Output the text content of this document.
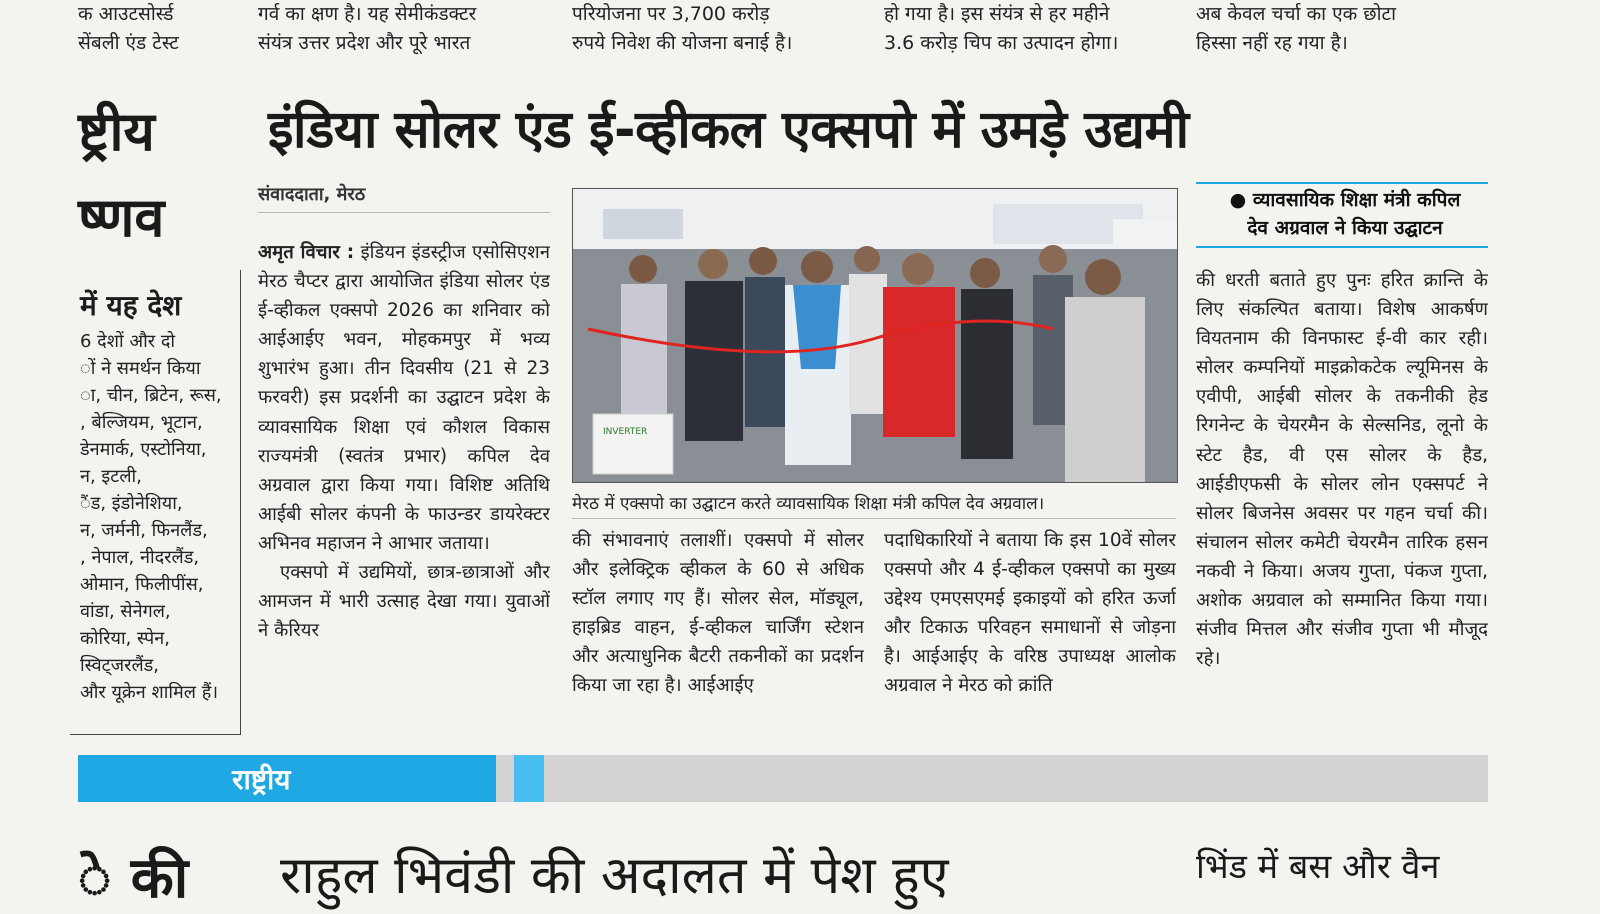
क आउटसोर्स्ड
सेंबली एंड टेस्ट
गर्व का क्षण है। यह सेमीकंडक्टर
संयंत्र उत्तर प्रदेश और पूरे भारत
परियोजना पर 3,700 करोड़
रुपये निवेश की योजना बनाई है।
हो गया है। इस संयंत्र से हर महीने
3.6 करोड़ चिप का उत्पादन होगा।
अब केवल चर्चा का एक छोटा
हिस्सा नहीं रह गया है।
ष्ट्रीय
ष्णव
इंडिया सोलर एंड ई-व्हीकल एक्सपो में उमड़े उद्यमी
संवाददाता, मेरठ
में यह देश
6 देशों और दो
ों ने समर्थन किया
ा, चीन, ब्रिटेन, रूस,
, बेल्जियम, भूटान,
डेनमार्क, एस्टोनिया,
न, इटली,
ैंड, इंडोनेशिया,
न, जर्मनी, फिनलैंड,
, नेपाल, नीदरलैंड,
ओमान, फिलीपींस,
वांडा, सेनेगल,
कोरिया, स्पेन,
स्विट्जरलैंड,
और यूक्रेन शामिल हैं।

अमृत विचार : इंडियन इंडस्ट्रीज एसोसिएशन मेरठ चैप्टर द्वारा आयोजित इंडिया सोलर एंड ई-व्हीकल एक्सपो 2026 का शनिवार को आईआईए भवन, मोहकमपुर में भव्य शुभारंभ हुआ। तीन दिवसीय (21 से 23 फरवरी) इस प्रदर्शनी का उद्घाटन प्रदेश के व्यावसायिक शिक्षा एवं कौशल विकास राज्यमंत्री (स्वतंत्र प्रभार) कपिल देव अग्रवाल द्वारा किया गया। विशिष्ट अतिथि आईबी सोलर कंपनी के फाउन्डर डायरेक्टर अभिनव महाजन ने आभार जताया।

एक्सपो में उद्यमियों, छात्र-छात्राओं और आमजन में भारी उत्साह देखा गया। युवाओं ने कैरियर

INVERTER
मेरठ में एक्सपो का उद्घाटन करते व्यावसायिक शिक्षा मंत्री कपिल देव अग्रवाल।

की संभावनाएं तलाशीं। एक्सपो में सोलर और इलेक्ट्रिक व्हीकल के 60 से अधिक स्टॉल लगाए गए हैं। सोलर सेल, मॉड्यूल, हाइब्रिड वाहन, ई-व्हीकल चार्जिंग स्टेशन और अत्याधुनिक बैटरी तकनीकों का प्रदर्शन किया जा रहा है। आईआईए

पदाधिकारियों ने बताया कि इस 10वें सोलर एक्सपो और 4 ई-व्हीकल एक्सपो का मुख्य उद्देश्य एमएसएमई इकाइयों को हरित ऊर्जा और टिकाऊ परिवहन समाधानों से जोड़ना है। आईआईए के वरिष्ठ उपाध्यक्ष आलोक अग्रवाल ने मेरठ को क्रांति

● व्यावसायिक शिक्षा मंत्री कपिल
देव अग्रवाल ने किया उद्घाटन

की धरती बताते हुए पुनः हरित क्रान्ति के लिए संकल्पित बताया। विशेष आकर्षण वियतनाम की विनफास्ट ई-वी कार रही। सोलर कम्पनियों माइक्रोकटेक ल्यूमिनस के एवीपी, आईबी सोलर के तकनीकी हेड रिगनेन्ट के चेयरमैन के सेल्सनिड, लूनो के स्टेट हैड, वी एस सोलर के हैड, आईडीएफसी के सोलर लोन एक्सपर्ट ने सोलर बिजनेस अवसर पर गहन चर्चा की। संचालन सोलर कमेटी चेयरमैन तारिक हसन नकवी ने किया। अजय गुप्ता, पंकज गुप्ता, अशोक अग्रवाल को सम्मानित किया गया। संजीव मित्तल और संजीव गुप्ता भी मौजूद रहे।

राष्ट्रीय
े की राहुल भिवंडी की अदालत में पेश हुए	भिंड में बस और वैन
